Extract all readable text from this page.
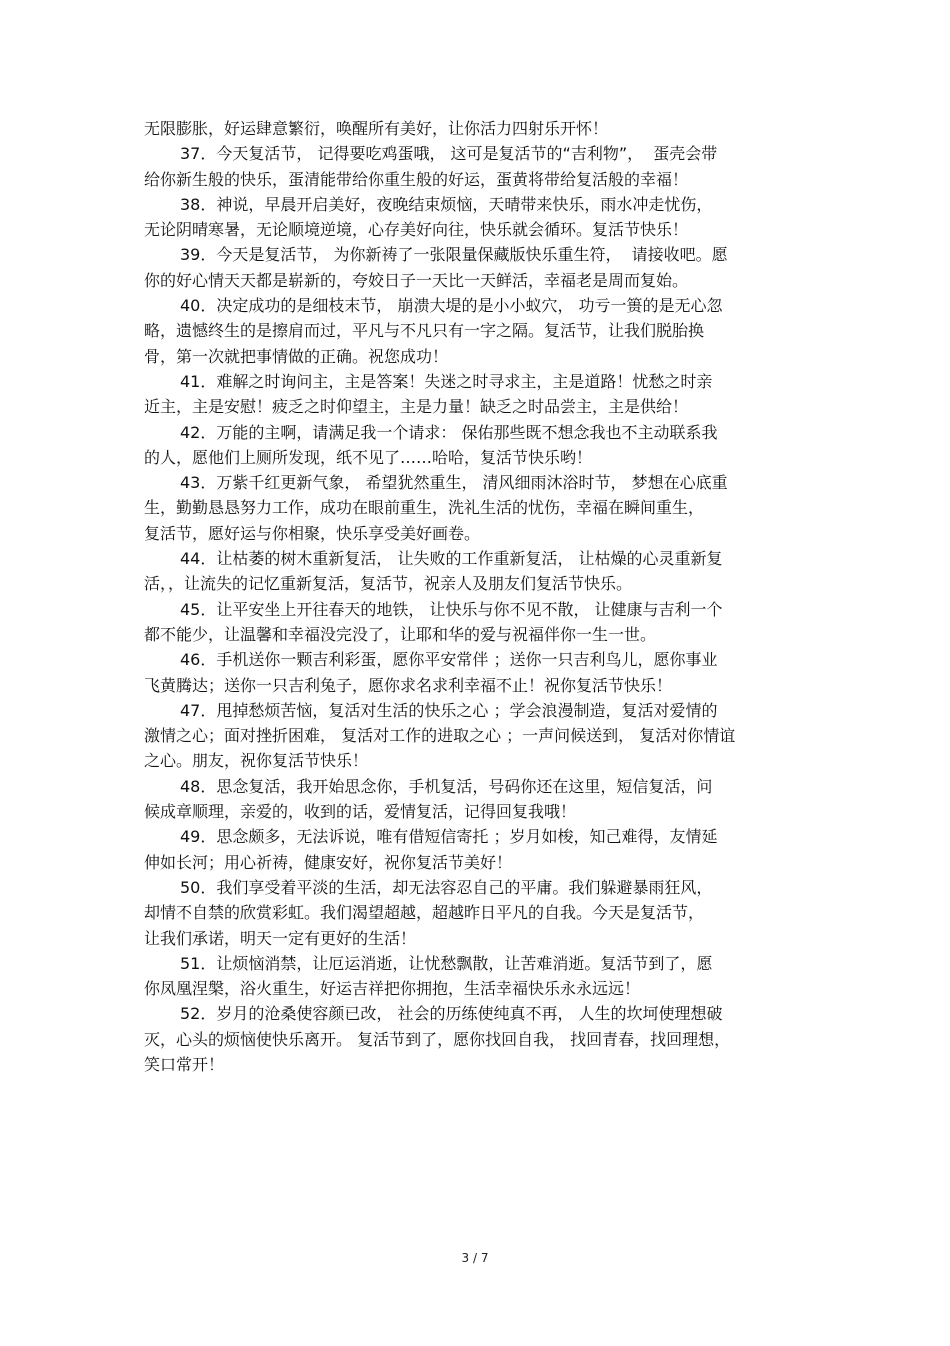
无限膨胀，好运肆意繁衍，唤醒所有美好，让你活力四射乐开怀！
37．今天复活节， 记得要吃鸡蛋哦， 这可是复活节的“吉利物”，  蛋壳会带
给你新生般的快乐，蛋清能带给你重生般的好运，蛋黄将带给复活般的幸福！
38．神说，早晨开启美好，夜晚结束烦恼，天晴带来快乐，雨水冲走忧伤，
无论阴晴寒暑，无论顺境逆境，心存美好向往，快乐就会循环。复活节快乐！
39．今天是复活节， 为你新祷了一张限量保藏版快乐重生符，  请接收吧。愿
你的好心情天天都是崭新的，夸姣日子一天比一天鲜活，幸福老是周而复始。
40．决定成功的是细枝末节， 崩溃大堤的是小小蚁穴， 功亏一篑的是无心忽
略，遗憾终生的是擦肩而过，平凡与不凡只有一字之隔。复活节，让我们脱胎换
骨，第一次就把事情做的正确。祝您成功！
41．难解之时询问主，主是答案！失迷之时寻求主，主是道路！忧愁之时亲
近主，主是安慰！疲乏之时仰望主，主是力量！缺乏之时品尝主，主是供给！
42．万能的主啊，请满足我一个请求： 保佑那些既不想念我也不主动联系我
的人，愿他们上厕所发现，纸不见了……哈哈，复活节快乐哟！
43．万紫千红更新气象， 希望犹然重生， 清风细雨沐浴时节， 梦想在心底重
生，勤勤恳恳努力工作，成功在眼前重生，洗礼生活的忧伤，幸福在瞬间重生，
复活节，愿好运与你相聚，快乐享受美好画卷。
44．让枯萎的树木重新复活， 让失败的工作重新复活， 让枯燥的心灵重新复
活，，让流失的记忆重新复活，复活节，祝亲人及朋友们复活节快乐。
45．让平安坐上开往春天的地铁， 让快乐与你不见不散， 让健康与吉利一个
都不能少，让温馨和幸福没完没了，让耶和华的爱与祝福伴你一生一世。
46．手机送你一颗吉利彩蛋，愿你平安常伴 ；送你一只吉利鸟儿，愿你事业
飞黄腾达；送你一只吉利兔子，愿你求名求利幸福不止！祝你复活节快乐！
47．甩掉愁烦苦恼，复活对生活的快乐之心 ；学会浪漫制造，复活对爱情的
激情之心；面对挫折困难， 复活对工作的进取之心 ；一声问候送到， 复活对你情谊
之心。朋友，祝你复活节快乐！
48．思念复活，我开始思念你，手机复活，号码你还在这里，短信复活，问
候成章顺理，亲爱的，收到的话，爱情复活，记得回复我哦！
49．思念颇多，无法诉说，唯有借短信寄托 ；岁月如梭，知己难得，友情延
伸如长河；用心祈祷，健康安好，祝你复活节美好！
50．我们享受着平淡的生活，却无法容忍自己的平庸。我们躲避暴雨狂风，
却情不自禁的欣赏彩虹。我们渴望超越，超越昨日平凡的自我。今天是复活节，
让我们承诺，明天一定有更好的生活！
51．让烦恼消禁，让厄运消逝，让忧愁飘散，让苦难消逝。复活节到了，愿
你凤凰涅槃，浴火重生，好运吉祥把你拥抱，生活幸福快乐永永远远！
52．岁月的沧桑使容颜已改， 社会的历练使纯真不再， 人生的坎坷使理想破
灭，心头的烦恼使快乐离开。 复活节到了，愿你找回自我， 找回青春，找回理想，
笑口常开！
3 / 7
